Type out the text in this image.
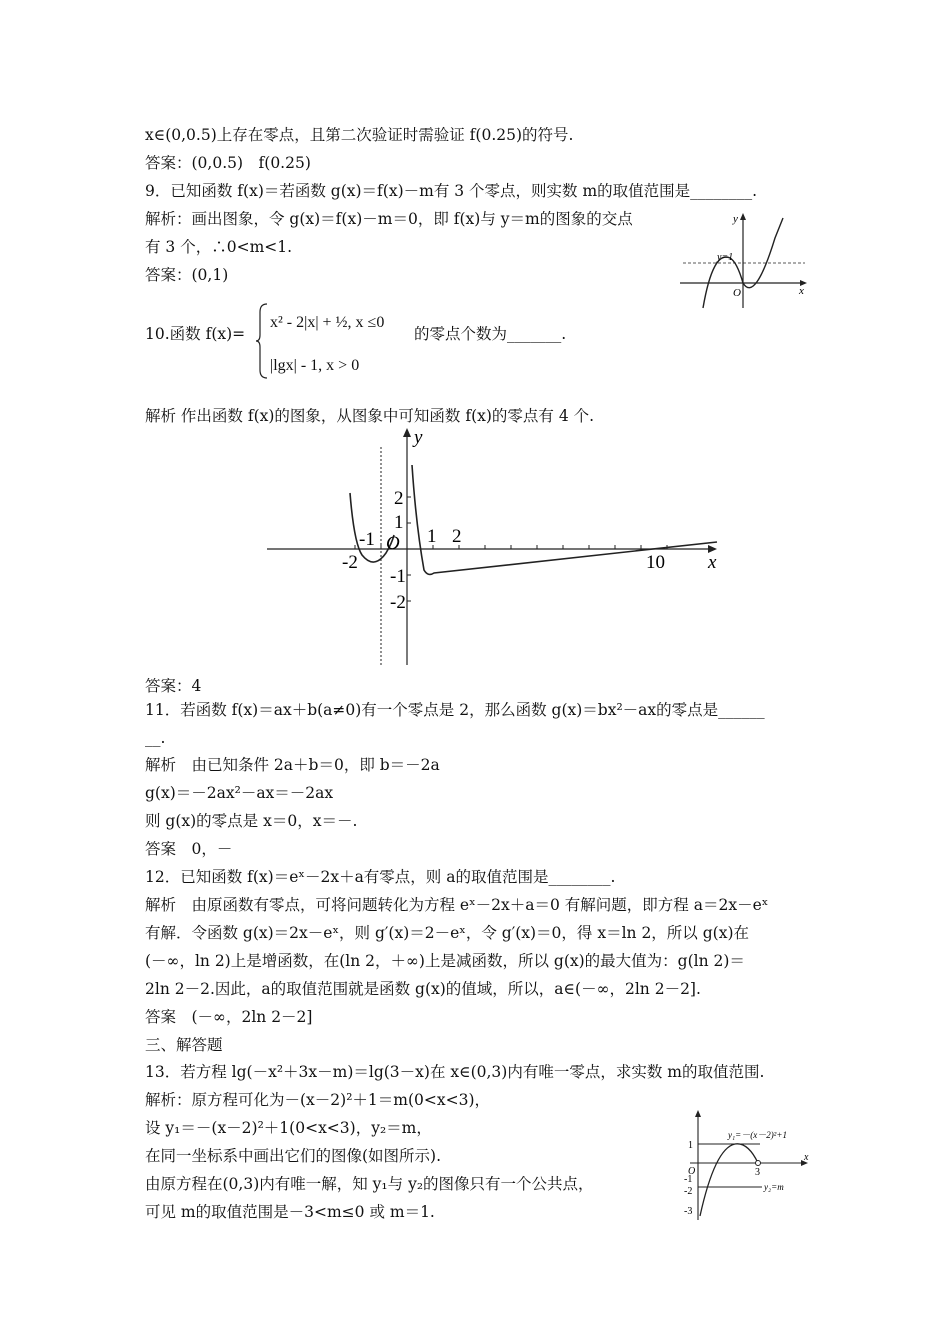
x∈(0,0.5)上存在零点，且第二次验证时需验证 f(0.25)的符号.
答案：(0,0.5)　f(0.25)
9．已知函数 f(x)＝若函数 g(x)＝f(x)－m有 3 个零点，则实数 m的取值范围是________.
解析：画出图象，令 g(x)＝f(x)－m＝0，即 f(x)与 y＝m的图象的交点
有 3 个，∴0<m<1.
答案：(0,1)
y
x
O
y=1
10.函数 f(x)=
x² - 2|x| + ½, x ≤0
|lgx| - 1, x > 0
的零点个数为_______.
解析 作出函数 f(x)的图象，从图象中可知函数 f(x)的零点有 4 个.
y
x
O
2
1
-1
-2
-2
-1	1 2
10
答案：4
11．若函数 f(x)＝ax＋b(a≠0)有一个零点是 2，那么函数 g(x)＝bx²－ax的零点是______
__.
解析　由已知条件 2a＋b＝0，即 b＝－2a
g(x)＝－2ax²－ax＝－2ax
则 g(x)的零点是 x＝0，x＝－.
答案　0，－
12．已知函数 f(x)＝eˣ－2x＋a有零点，则 a的取值范围是________.
解析　由原函数有零点，可将问题转化为方程 eˣ－2x＋a＝0 有解问题，即方程 a＝2x－eˣ
有解．令函数 g(x)＝2x－eˣ，则 g′(x)＝2－eˣ，令 g′(x)＝0，得 x＝ln 2，所以 g(x)在
(－∞，ln 2)上是增函数，在(ln 2，＋∞)上是减函数，所以 g(x)的最大值为：g(ln 2)＝
2ln 2－2.因此，a的取值范围就是函数 g(x)的值域，所以，a∈(－∞，2ln 2－2].
答案　(－∞，2ln 2－2]
三、解答题
13．若方程 lg(－x²＋3x－m)＝lg(3－x)在 x∈(0,3)内有唯一零点，求实数 m的取值范围.
解析：原方程可化为－(x－2)²＋1＝m(0<x<3)，
设 y₁＝－(x－2)²＋1(0<x<3)，y₂＝m，
在同一坐标系中画出它们的图像(如图所示).
由原方程在(0,3)内有唯一解，知 y₁与 y₂的图像只有一个公共点，
可见 m的取值范围是－3<m≤0 或 m＝1.
y₁=－(x－2)²+1
y₂=m
x
O
1
-1
-2
-3
3
